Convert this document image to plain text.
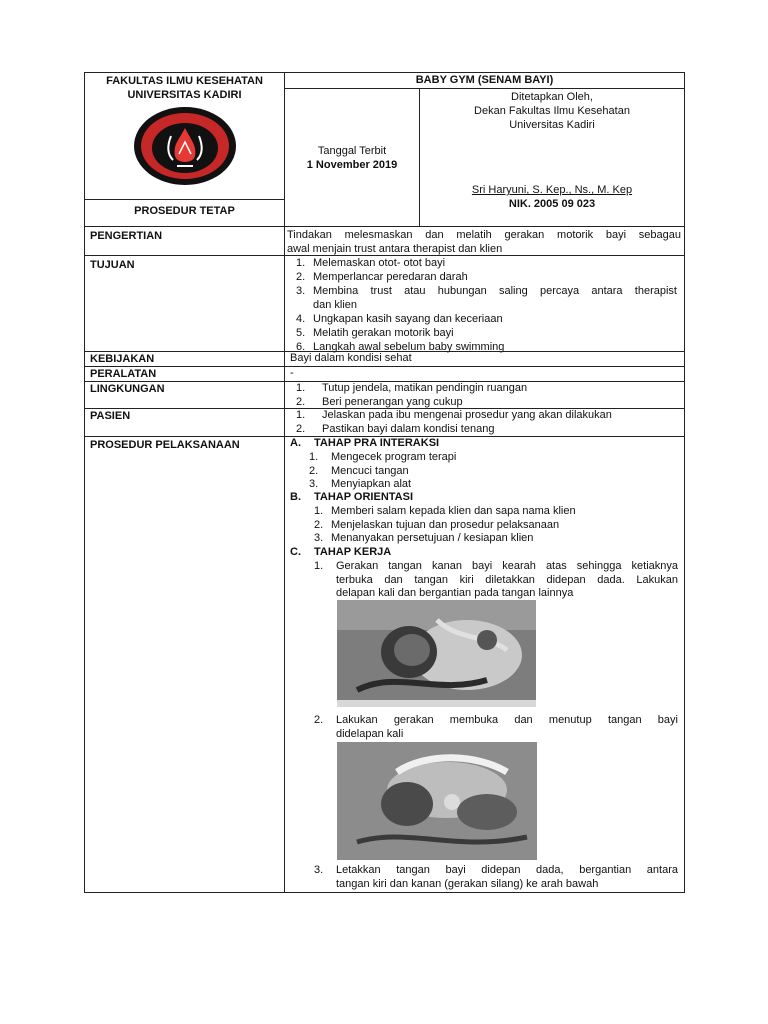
FAKULTAS ILMU KESEHATAN
UNIVERSITAS KADIRI
PROSEDUR TETAP
BABY GYM (SENAM BAYI)
Tanggal Terbit
1 November 2019
Ditetapkan Oleh,
Dekan Fakultas Ilmu Kesehatan
Universitas Kadiri
Sri Haryuni, S. Kep., Ns., M. Kep
NIK. 2005 09 023
PENGERTIAN	Tindakan melesmaskan dan melatih gerakan motorik bayi sebagau
awal menjain trust antara therapist dan klien
TUJUAN	1. Melemaskan otot- otot bayi
2. Memperlancar peredaran darah
3. Membina trust atau hubungan saling percaya antara therapist
dan klien
4. Ungkapan kasih sayang dan keceriaan
5. Melatih gerakan motorik bayi
6. Langkah awal sebelum baby swimming
KEBIJAKAN	Bayi dalam kondisi sehat
PERALATAN	-
LINGKUNGAN	1.	Tutup jendela, matikan pendingin ruangan
2.	Beri penerangan yang cukup
PASIEN	1.	Jelaskan pada ibu mengenai prosedur yang akan dilakukan
2.	Pastikan bayi dalam kondisi tenang
PROSEDUR PELAKSANAAN	A.	TAHAP PRA INTERAKSI
1.	Mengecek program terapi
2.	Mencuci tangan
3.	Menyiapkan alat
B.	TAHAP ORIENTASI
1. Memberi salam kepada klien dan sapa nama klien
2. Menjelaskan tujuan dan prosedur pelaksanaan
3. Menanyakan persetujuan / kesiapan klien
C.	TAHAP KERJA
1.	Gerakan tangan kanan bayi kearah atas sehingga ketiaknya
terbuka dan tangan kiri diletakkan didepan dada. Lakukan
delapan kali dan bergantian pada tangan lainnya
2.	Lakukan gerakan membuka dan menutup tangan bayi
didelapan kali
3.	Letakkan tangan bayi didepan dada, bergantian antara
tangan kiri dan kanan (gerakan silang) ke arah bawah
